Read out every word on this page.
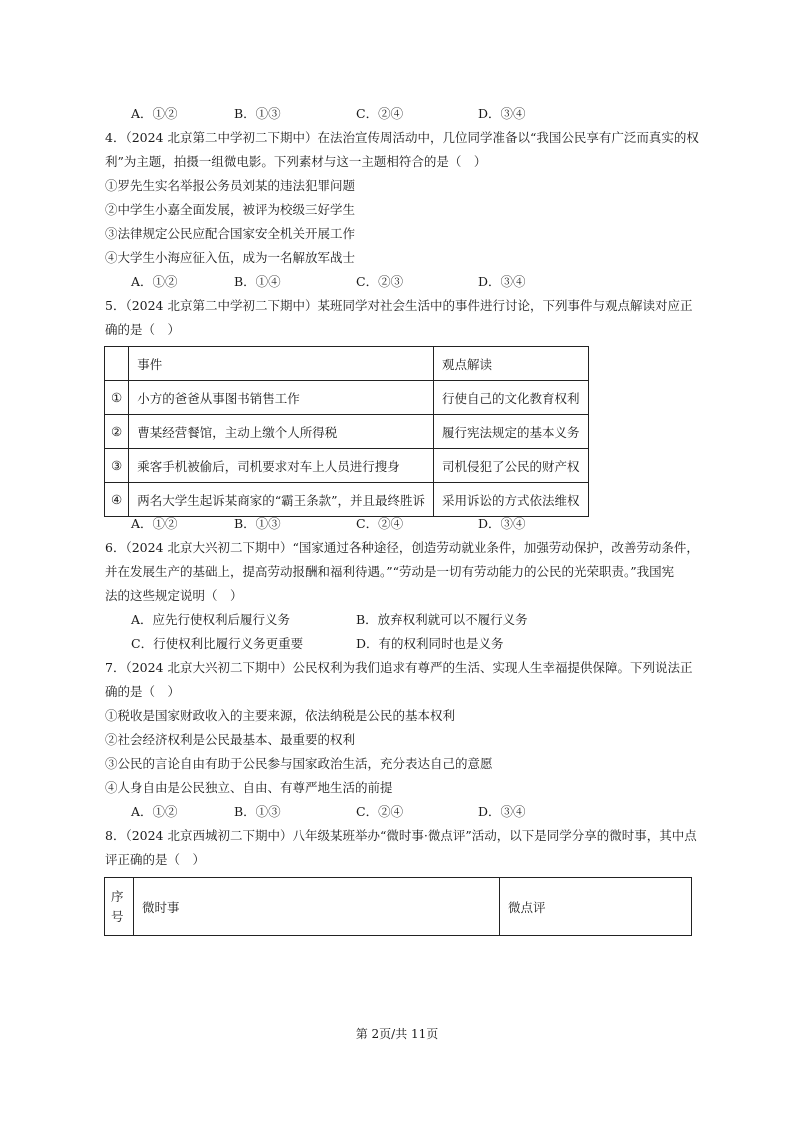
A．①②	B．①③	C．②④	D．③④
4．（2024 北京第二中学初二下期中）在法治宣传周活动中，几位同学准备以“我国公民享有广泛而真实的权
利”为主题，拍摄一组微电影。下列素材与这一主题相符合的是（　）
①罗先生实名举报公务员刘某的违法犯罪问题
②中学生小嘉全面发展，被评为校级三好学生
③法律规定公民应配合国家安全机关开展工作
④大学生小海应征入伍，成为一名解放军战士
A．①②	B．①④	C．②③	D．③④
5．（2024 北京第二中学初二下期中）某班同学对社会生活中的事件进行讨论，下列事件与观点解读对应正
确的是（　）
	事件	观点解读
①	小方的爸爸从事图书销售工作	行使自己的文化教育权利
②	曹某经营餐馆，主动上缴个人所得税	履行宪法规定的基本义务
③	乘客手机被偷后，司机要求对车上人员进行搜身	司机侵犯了公民的财产权
④	两名大学生起诉某商家的“霸王条款”，并且最终胜诉	采用诉讼的方式依法维权
A．①②	B．①③	C．②④	D．③④
6．（2024 北京大兴初二下期中）“国家通过各种途径，创造劳动就业条件，加强劳动保护，改善劳动条件，
并在发展生产的基础上，提高劳动报酬和福利待遇。”“劳动是一切有劳动能力的公民的光荣职责。”我国宪
法的这些规定说明（　）
A．应先行使权利后履行义务	B．放弃权利就可以不履行义务
C．行使权利比履行义务更重要	D．有的权利同时也是义务
7．（2024 北京大兴初二下期中）公民权利为我们追求有尊严的生活、实现人生幸福提供保障。下列说法正
确的是（　）
①税收是国家财政收入的主要来源，依法纳税是公民的基本权利
②社会经济权利是公民最基本、最重要的权利
③公民的言论自由有助于公民参与国家政治生活，充分表达自己的意愿
④人身自由是公民独立、自由、有尊严地生活的前提
A．①②	B．①③	C．②④	D．③④
8．（2024 北京西城初二下期中）八年级某班举办“微时事·微点评”活动，以下是同学分享的微时事，其中点
评正确的是（　）
序
号
	微时事	微点评
第 2页/共 11页
